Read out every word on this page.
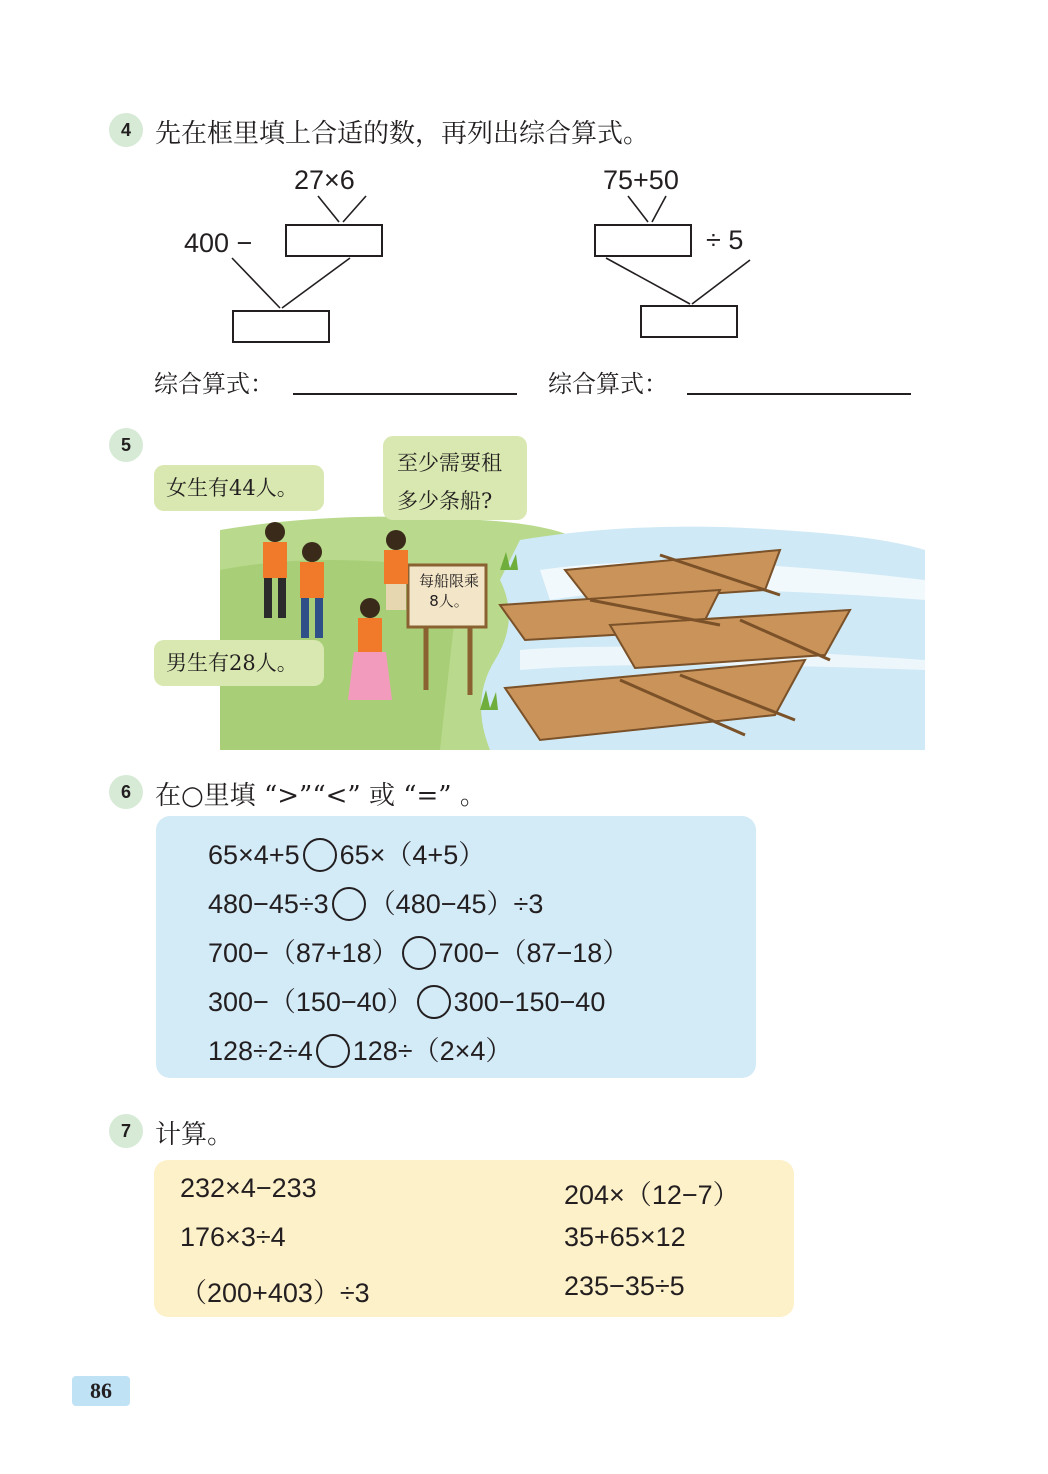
4 先在框里填上合适的数，再列出综合算式。
27×6
400 −
75+50
÷ 5
综合算式：	综合算式：
5
女生有44人。
至少需要租
多少条船?
男生有28人。
每船限乘
8人。
6 在○里填 “>”“<” 或 “=” 。
65×4+5 65×（4+5）
480−45÷3 （480−45）÷3
700−（87+18） 700−（87−18）
300−（150−40） 300−150−40
128÷2÷4 128÷（2×4）
7 计算。
232×4−233
176×3÷4
（200+403）÷3
204×（12−7）
35+65×12
235−35÷5
86
